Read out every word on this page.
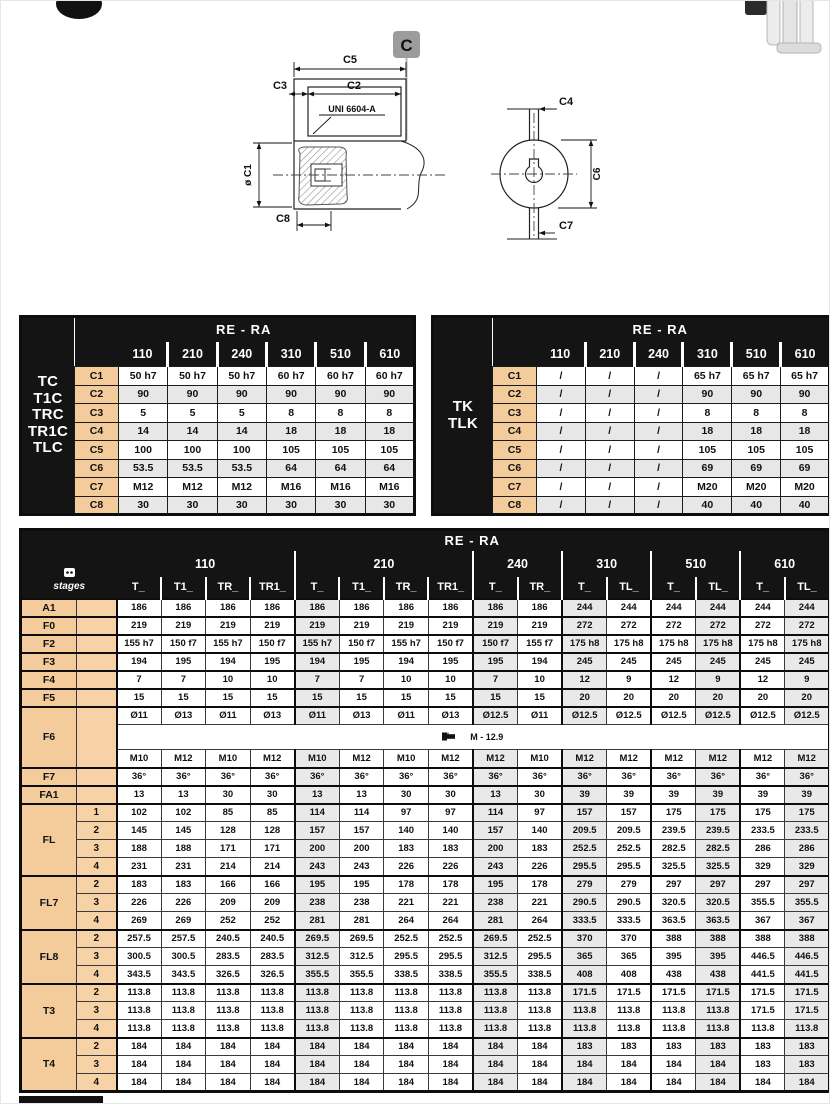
C
C5
C2
C3
UNI 6604-A
ø C1
C8
C4
C6
C7
TC
T1C
TRC
TR1C
TLC	RE - RA						
		110	210	240	310	510	610
	C1	50 h7	50 h7	50 h7	60 h7	60 h7	60 h7
	C2	90	90	90	90	90	90
	C3	5	5	5	8	8	8
	C4	14	14	14	18	18	18
	C5	100	100	100	105	105	105
	C6	53.5	53.5	53.5	64	64	64
	C7	M12	M12	M12	M16	M16	M16
	C8	30	30	30	30	30	30
TK
TLK	RE - RA						
		110	210	240	310	510	610
	C1	/	/	/	65 h7	65 h7	65 h7
	C2	/	/	/	90	90	90
	C3	/	/	/	8	8	8
	C4	/	/	/	18	18	18
	C5	/	/	/	105	105	105
	C6	/	/	/	69	69	69
	C7	/	/	/	M20	M20	M20
	C8	/	/	/	40	40	40
stages		RE - RA															
		110				210				240		310		510		610	
		T_	T1_	TR_	TR1_	T_	T1_	TR_	TR1_	T_	TR_	T_	TL_	T_	TL_	T_	TL_
A1		186	186	186	186	186	186	186	186	186	186	244	244	244	244	244	244
F0		219	219	219	219	219	219	219	219	219	219	272	272	272	272	272	272
F2		155 h7	150 f7	155 h7	150 f7	155 h7	150 f7	155 h7	150 f7	150 f7	155 f7	175 h8	175 h8	175 h8	175 h8	175 h8	175 h8
F3		194	195	194	195	194	195	194	195	195	194	245	245	245	245	245	245
F4		7	7	10	10	7	7	10	10	7	10	12	9	12	9	12	9
F5		15	15	15	15	15	15	15	15	15	15	20	20	20	20	20	20
F6		Ø11	Ø13	Ø11	Ø13	Ø11	Ø13	Ø11	Ø13	Ø12.5	Ø11	Ø12.5	Ø12.5	Ø12.5	Ø12.5	Ø12.5	Ø12.5

		M - 12.9															

		M10	M12	M10	M12	M10	M12	M10	M12	M12	M10	M12	M12	M12	M12	M12	M12
F7		36°	36°	36°	36°	36°	36°	36°	36°	36°	36°	36°	36°	36°	36°	36°	36°
FA1		13	13	30	30	13	13	30	30	13	30	39	39	39	39	39	39
FL	1	102	102	85	85	114	114	97	97	114	97	157	157	175	175	175	175
	2	145	145	128	128	157	157	140	140	157	140	209.5	209.5	239.5	239.5	233.5	233.5
	3	188	188	171	171	200	200	183	183	200	183	252.5	252.5	282.5	282.5	286	286
	4	231	231	214	214	243	243	226	226	243	226	295.5	295.5	325.5	325.5	329	329
FL7	2	183	183	166	166	195	195	178	178	195	178	279	279	297	297	297	297
	3	226	226	209	209	238	238	221	221	238	221	290.5	290.5	320.5	320.5	355.5	355.5
	4	269	269	252	252	281	281	264	264	281	264	333.5	333.5	363.5	363.5	367	367
FL8	2	257.5	257.5	240.5	240.5	269.5	269.5	252.5	252.5	269.5	252.5	370	370	388	388	388	388
	3	300.5	300.5	283.5	283.5	312.5	312.5	295.5	295.5	312.5	295.5	365	365	395	395	446.5	446.5
	4	343.5	343.5	326.5	326.5	355.5	355.5	338.5	338.5	355.5	338.5	408	408	438	438	441.5	441.5
T3	2	113.8	113.8	113.8	113.8	113.8	113.8	113.8	113.8	113.8	113.8	171.5	171.5	171.5	171.5	171.5	171.5
	3	113.8	113.8	113.8	113.8	113.8	113.8	113.8	113.8	113.8	113.8	113.8	113.8	113.8	113.8	171.5	171.5
	4	113.8	113.8	113.8	113.8	113.8	113.8	113.8	113.8	113.8	113.8	113.8	113.8	113.8	113.8	113.8	113.8
T4	2	184	184	184	184	184	184	184	184	184	184	183	183	183	183	183	183
	3	184	184	184	184	184	184	184	184	184	184	184	184	184	184	183	183
	4	184	184	184	184	184	184	184	184	184	184	184	184	184	184	184	184
